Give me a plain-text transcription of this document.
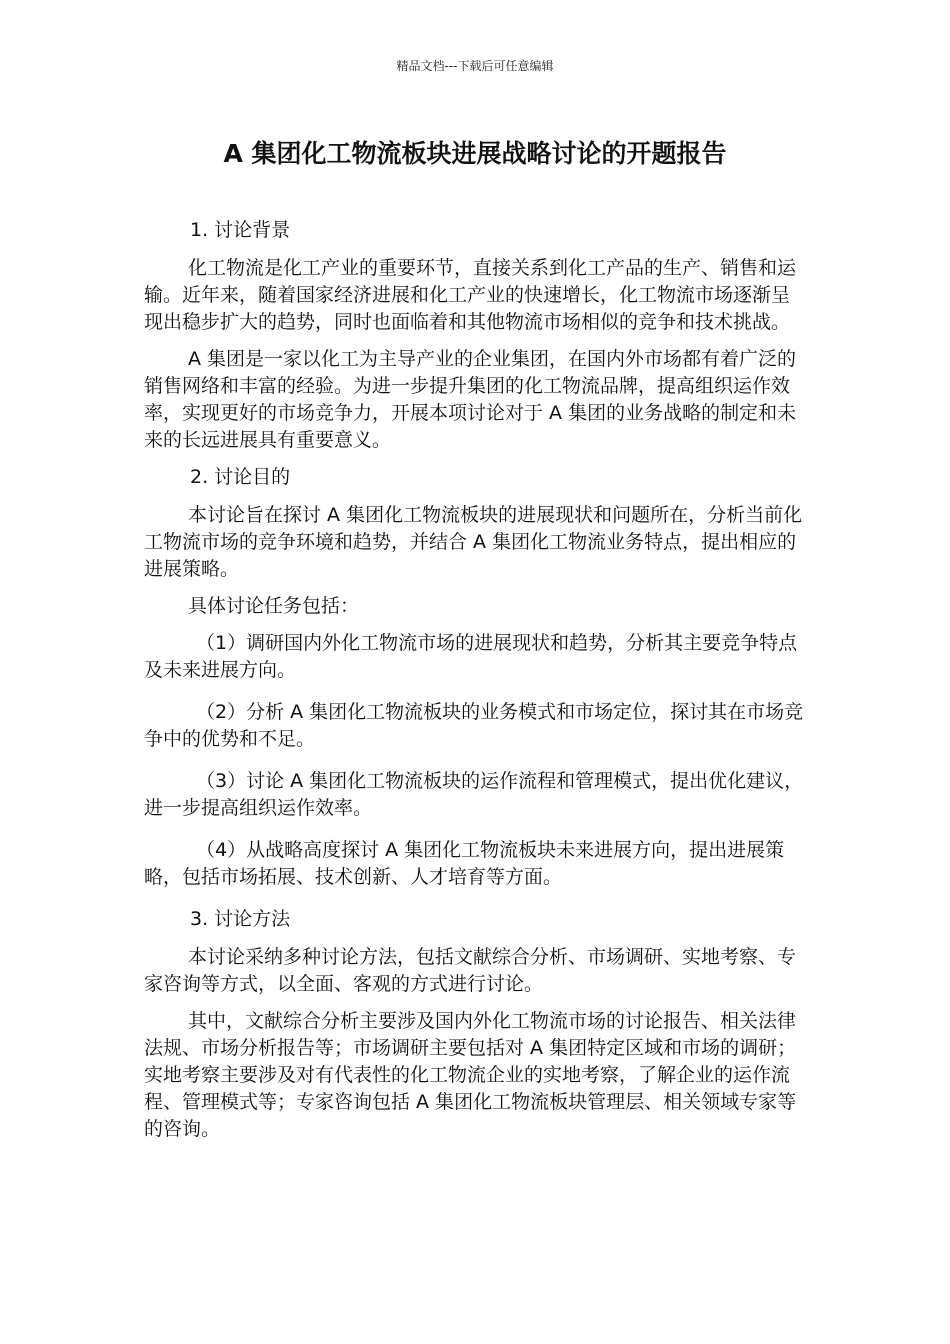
精品文档---下载后可任意编辑
A 集团化工物流板块进展战略讨论的开题报告
1. 讨论背景

化工物流是化工产业的重要环节，直接关系到化工产品的生产、销售和运输。近年来，随着国家经济进展和化工产业的快速增长，化工物流市场逐渐呈现出稳步扩大的趋势，同时也面临着和其他物流市场相似的竞争和技术挑战。

A 集团是一家以化工为主导产业的企业集团，在国内外市场都有着广泛的销售网络和丰富的经验。为进一步提升集团的化工物流品牌，提高组织运作效率，实现更好的市场竞争力，开展本项讨论对于 A 集团的业务战略的制定和未来的长远进展具有重要意义。

2. 讨论目的

本讨论旨在探讨 A 集团化工物流板块的进展现状和问题所在，分析当前化工物流市场的竞争环境和趋势，并结合 A 集团化工物流业务特点，提出相应的进展策略。

具体讨论任务包括：

（1）调研国内外化工物流市场的进展现状和趋势，分析其主要竞争特点及未来进展方向。

（2）分析 A 集团化工物流板块的业务模式和市场定位，探讨其在市场竞争中的优势和不足。

（3）讨论 A 集团化工物流板块的运作流程和管理模式，提出优化建议，进一步提高组织运作效率。

（4）从战略高度探讨 A 集团化工物流板块未来进展方向，提出进展策略，包括市场拓展、技术创新、人才培育等方面。

3. 讨论方法

本讨论采纳多种讨论方法，包括文献综合分析、市场调研、实地考察、专家咨询等方式，以全面、客观的方式进行讨论。

其中，文献综合分析主要涉及国内外化工物流市场的讨论报告、相关法律法规、市场分析报告等；市场调研主要包括对 A 集团特定区域和市场的调研；实地考察主要涉及对有代表性的化工物流企业的实地考察，了解企业的运作流程、管理模式等；专家咨询包括 A 集团化工物流板块管理层、相关领域专家等的咨询。
